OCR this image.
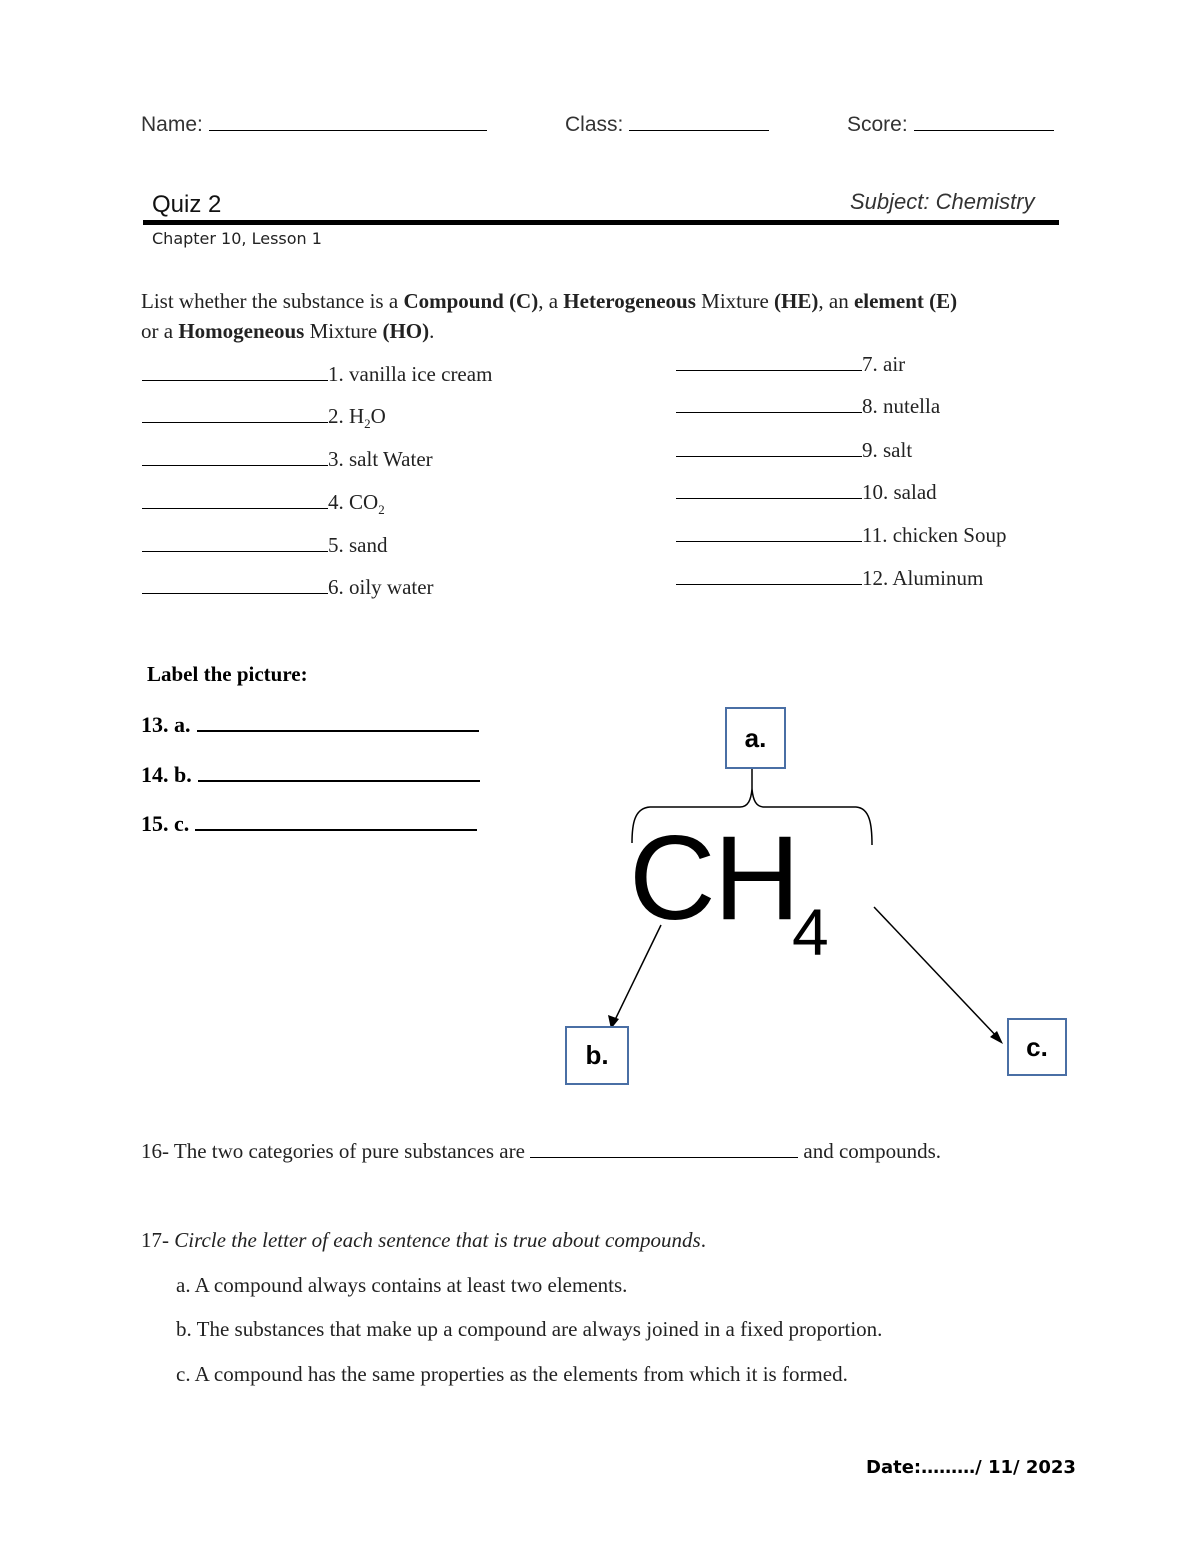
Name:	Class:	Score:
Quiz 2	Subject: Chemistry
Chapter 10, Lesson 1
List whether the substance is a Compound (C), a Heterogeneous Mixture (HE), an element (E)
or a Homogeneous Mixture (HO).
1. vanilla ice cream
2. $H_2O$
3. salt Water
4. $CO_2$
5. sand
6. oily water
7. air
8. nutella
9. salt
10. salad
11. chicken Soup
12. Aluminum
Label the picture:
13. a.
14. b.
15. c.	CH
4
a.
b.	c.
16- The two categories of pure substances are	and compounds.
17- Circle the letter of each sentence that is true about compounds.
a. A compound always contains at least two elements.
b. The substances that make up a compound are always joined in a fixed proportion.
c. A compound has the same properties as the elements from which it is formed.
Date:………/ 11/ 2023
